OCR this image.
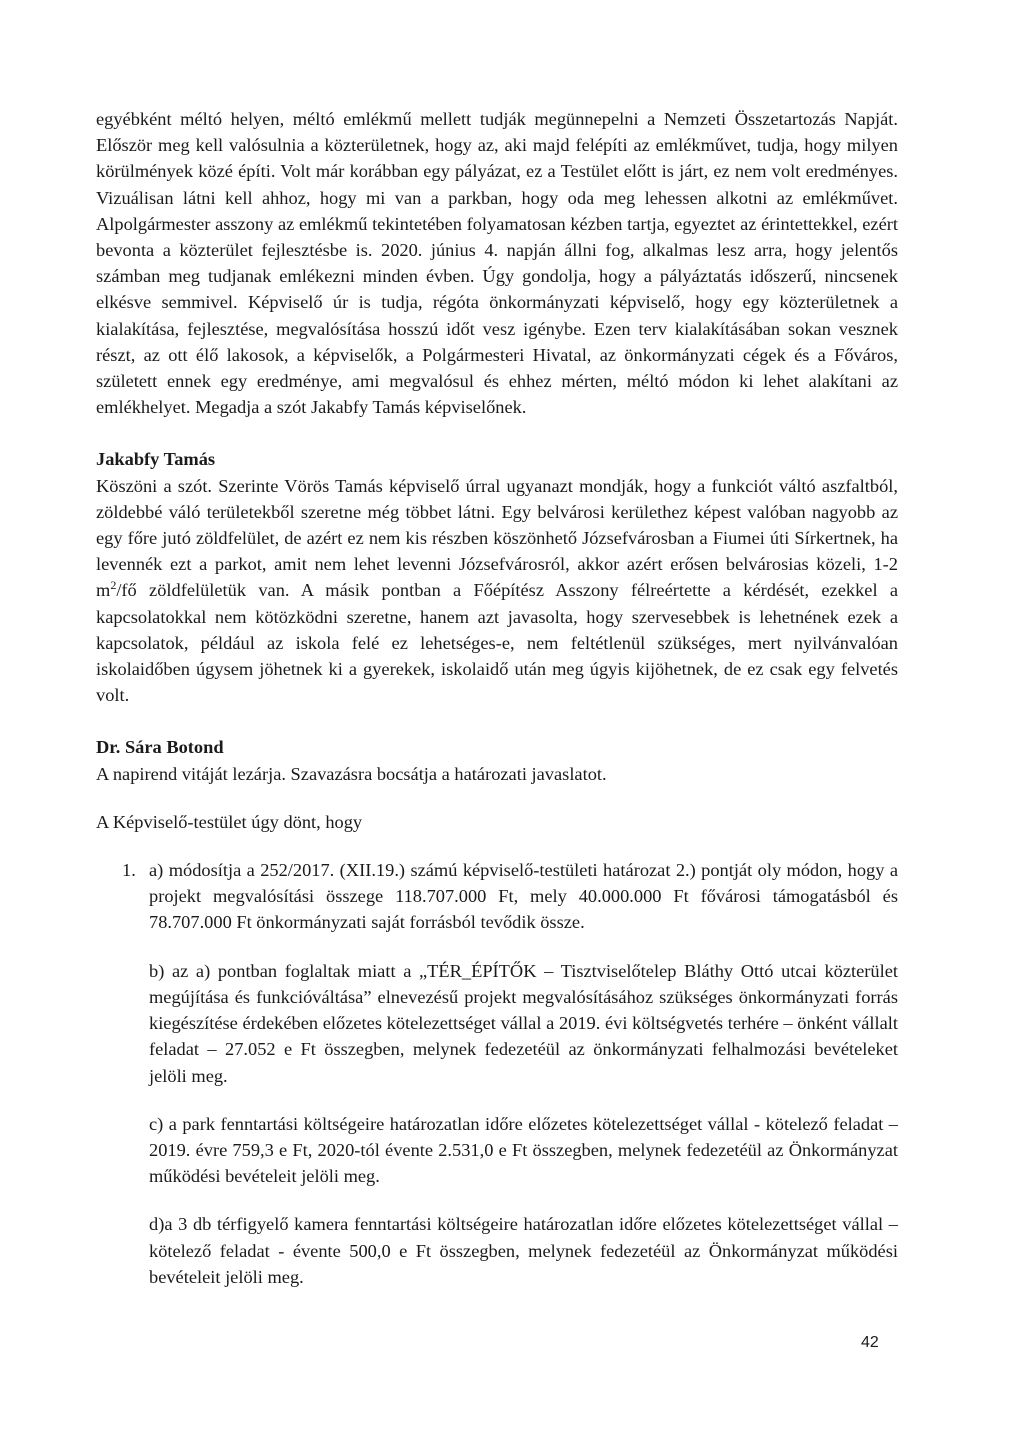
egyébként méltó helyen, méltó emlékmű mellett tudják megünnepelni a Nemzeti Összetartozás Napját. Először meg kell valósulnia a közterületnek, hogy az, aki majd felépíti az emlékművet, tudja, hogy milyen körülmények közé építi. Volt már korábban egy pályázat, ez a Testület előtt is járt, ez nem volt eredményes. Vizuálisan látni kell ahhoz, hogy mi van a parkban, hogy oda meg lehessen alkotni az emlékművet. Alpolgármester asszony az emlékmű tekintetében folyamatosan kézben tartja, egyeztet az érintettekkel, ezért bevonta a közterület fejlesztésbe is. 2020. június 4. napján állni fog, alkalmas lesz arra, hogy jelentős számban meg tudjanak emlékezni minden évben. Úgy gondolja, hogy a pályáztatás időszerű, nincsenek elkésve semmivel. Képviselő úr is tudja, régóta önkormányzati képviselő, hogy egy közterületnek a kialakítása, fejlesztése, megvalósítása hosszú időt vesz igénybe. Ezen terv kialakításában sokan vesznek részt, az ott élő lakosok, a képviselők, a Polgármesteri Hivatal, az önkormányzati cégek és a Főváros, született ennek egy eredménye, ami megvalósul és ehhez mérten, méltó módon ki lehet alakítani az emlékhelyet. Megadja a szót Jakabfy Tamás képviselőnek.

Jakabfy Tamás

Köszöni a szót. Szerinte Vörös Tamás képviselő úrral ugyanazt mondják, hogy a funkciót váltó aszfaltból, zöldebbé váló területekből szeretne még többet látni. Egy belvárosi kerülethez képest valóban nagyobb az egy főre jutó zöldfelület, de azért ez nem kis részben köszönhető Józsefvárosban a Fiumei úti Sírkertnek, ha levennék ezt a parkot, amit nem lehet levenni Józsefvárosról, akkor azért erősen belvárosias közeli, 1-2 $m^2/fő$ zöldfelületük van. A másik pontban a Főépítész Asszony félreértette a kérdését, ezekkel a kapcsolatokkal nem kötözködni szeretne, hanem azt javasolta, hogy szervesebbek is lehetnének ezek a kapcsolatok, például az iskola felé ez lehetséges-e, nem feltétlenül szükséges, mert nyilvánvalóan iskolaidőben úgysem jöhetnek ki a gyerekek, iskolaidő után meg úgyis kijöhetnek, de ez csak egy felvetés volt.

Dr. Sára Botond

A napirend vitáját lezárja. Szavazásra bocsátja a határozati javaslatot.

A Képviselő-testület úgy dönt, hogy

1. a) módosítja a 252/2017. (XII.19.) számú képviselő-testületi határozat 2.) pontját oly módon, hogy a projekt megvalósítási összege 118.707.000 Ft, mely 40.000.000 Ft fővárosi támogatásból és 78.707.000 Ft önkormányzati saját forrásból tevődik össze.

b) az a) pontban foglaltak miatt a „TÉR_ÉPÍTŐK – Tisztviselőtelep Bláthy Ottó utcai közterület megújítása és funkcióváltása” elnevezésű projekt megvalósításához szükséges önkormányzati forrás kiegészítése érdekében előzetes kötelezettséget vállal a 2019. évi költségvetés terhére – önként vállalt feladat – 27.052 e Ft összegben, melynek fedezetéül az önkormányzati felhalmozási bevételeket jelöli meg.

c) a park fenntartási költségeire határozatlan időre előzetes kötelezettséget vállal - kötelező feladat – 2019. évre 759,3 e Ft, 2020-tól évente 2.531,0 e Ft összegben, melynek fedezetéül az Önkormányzat működési bevételeit jelöli meg.

d)a 3 db térfigyelő kamera fenntartási költségeire határozatlan időre előzetes kötelezettséget vállal – kötelező feladat - évente 500,0 e Ft összegben, melynek fedezetéül az Önkormányzat működési bevételeit jelöli meg.

42
